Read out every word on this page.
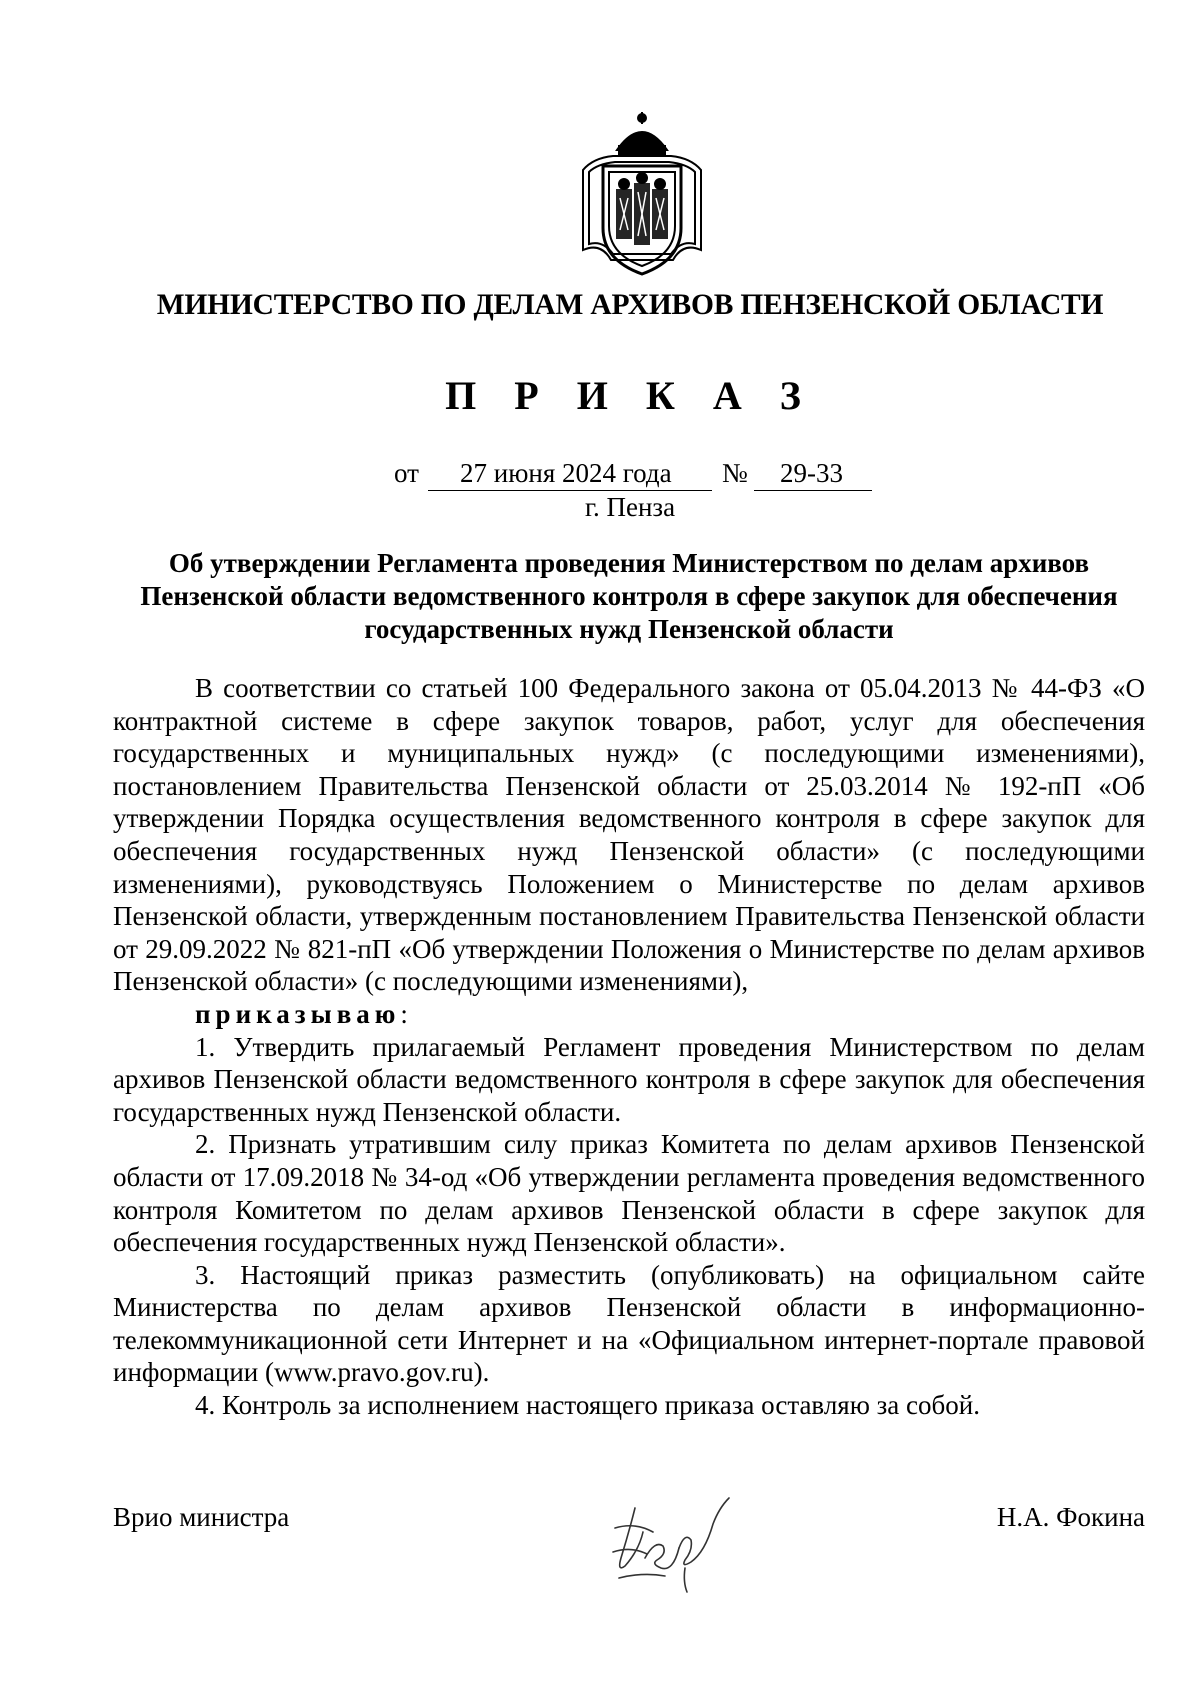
МИНИСТЕРСТВО ПО ДЕЛАМ АРХИВОВ ПЕНЗЕНСКОЙ ОБЛАСТИ
П Р И К А З
от 27 июня 2024 года № 29-33
г. Пенза
Об утверждении Регламента проведения Министерством по делам архивов
Пензенской области ведомственного контроля в сфере закупок для обеспечения
государственных нужд Пензенской области

В соответствии со статьей 100 Федерального закона от 05.04.2013 № 44-ФЗ «О контрактной системе в сфере закупок товаров, работ, услуг для обеспечения государственных и муниципальных нужд» (с последующими изменениями), постановлением Правительства Пензенской области от 25.03.2014 № 192-пП «Об утверждении Порядка осуществления ведомственного контроля в сфере закупок для обеспечения государственных нужд Пензенской области» (с последующими изменениями), руководствуясь Положением о Министерстве по делам архивов Пензенской области, утвержденным постановлением Правительства Пензенской области от 29.09.2022 № 821-пП «Об утверждении Положения о Министерстве по делам архивов Пензенской области» (с последующими изменениями),

приказываю:

1. Утвердить прилагаемый Регламент проведения Министерством по делам архивов Пензенской области ведомственного контроля в сфере закупок для обеспечения государственных нужд Пензенской области.

2. Признать утратившим силу приказ Комитета по делам архивов Пензенской области от 17.09.2018 № 34-од «Об утверждении регламента проведения ведомственного контроля Комитетом по делам архивов Пензенской области в сфере закупок для обеспечения государственных нужд Пензенской области».

3. Настоящий приказ разместить (опубликовать) на официальном сайте Министерства по делам архивов Пензенской области в информационно-телекоммуникационной сети Интернет и на «Официальном интернет-портале правовой информации (www.pravo.gov.ru).

4. Контроль за исполнением настоящего приказа оставляю за собой.

Врио министра	Н.А. Фокина
